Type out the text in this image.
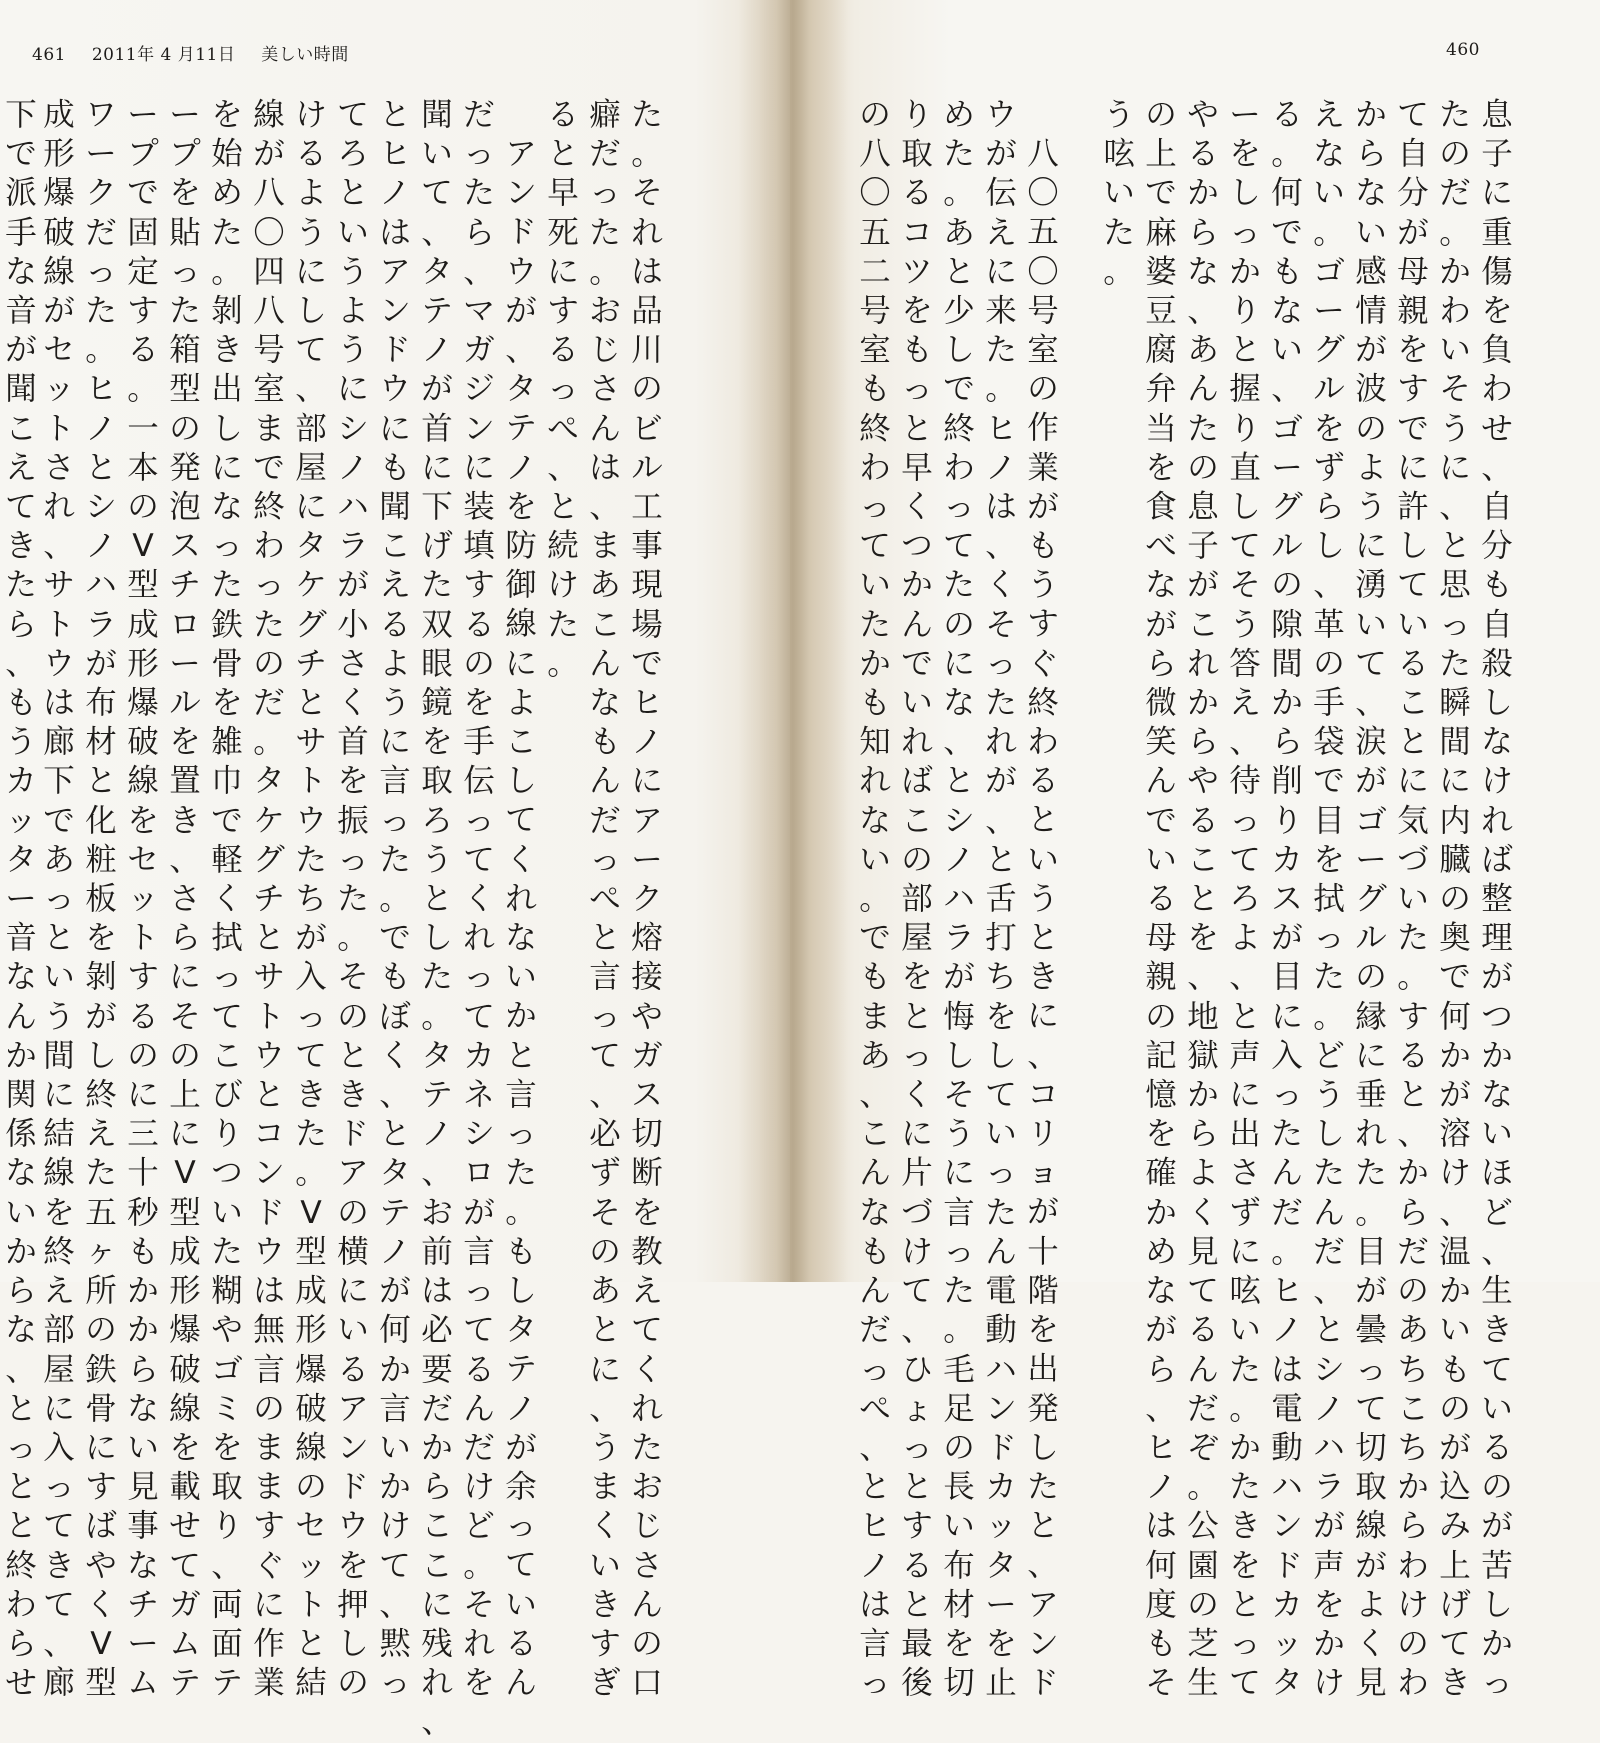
461 2011年 4 月11日 美しい時間
た。それは品川のビル工事現場でヒノにアーク熔接やガス切断を教えてくれたおじさんの口
癖だった。おじさんは、まあこんなもんだっぺと言って、必ずそのあとに、うまくいきすぎ
ると早死にするっぺ、と続けた。
アンドウが、タテノを防御線によこしてくれないかと言った。もしタテノが余っているん
だったら、マガジンに装填するのを手伝ってくれってカネシロが言ってるんだけど。それを
聞いて、タテノが首に下げた双眼鏡を取ろうとした。タテノ、お前は必要だからここに残れ、
とヒノはアンドウにも聞こえるように言った。でもぼく、とタテノが何か言いかけて、黙っ
てろというようにシノハラが小さく首を振った。そのときドアの横にいるアンドウを押しの
けるようにして、部屋にタケグチとサトウたちが入ってきた。V型成形爆破線のセットと結
線が八〇四八号室まで終わったのだ。タケグチとサトウとコンドウは無言のまますぐに作業
を始めた。剝き出しになった鉄骨を雑巾で軽く拭ってこびりついた糊やゴミを取り、両面テ
ープを貼った箱型の発泡スチロールを置き、さらにその上にV型成形爆破線を載せてガムテ
ープで固定する。一本のV型成形爆破線をセットするのに三十秒もかからない見事なチーム
ワークだった。ヒノとシノハラが布材と化粧板を剝がし終えた五ヶ所の鉄骨にすばやくV型
成形爆破線がセットされ、サトウは廊下であっという間に結線を終え部屋に入ってきて、廊
下で派手な音が聞こえてきたら、もうカッター音なんか関係ないからな、とっとと終わらせ
460
息子に重傷を負わせ、自分も自殺しなければ整理がつかないほど、生きているのが苦しかっ
たのだ。かわいそうに、と思った瞬間に内臓の奥で何かが溶け、温かいものが込み上げてき
て自分が母親をすでに許していることに気づいた。すると、からだのあちこちからわけのわ
からない感情が波のように湧いて、涙がゴーグルの縁に垂れた。目が曇って切取線がよく見
えない。ゴーグルをずらし、革の手袋で目を拭った。どうしたんだ、とシノハラが声をかけ
る。何でもない、ゴーグルの隙間から削りカスが目に入ったんだ。ヒノは電動ハンドカッタ
ーをしっかりと握り直してそう答え、待ってろよ、と声に出さずに呟いた。かたきをとって
やるからな、あんたの息子がこれからやることを、地獄からよく見てるんだぞ。公園の芝生
の上で麻婆豆腐弁当を食べながら微笑んでいる母親の記憶を確かめながら、ヒノは何度もそ
う呟いた。
八〇五〇号室の作業がもうすぐ終わるというときに、コリョが十階を出発したと、アンド
ウが伝えに来た。ヒノは、くそったれが、と舌打ちをしていったん電動ハンドカッターを止
めた。あと少しで終わってたのにな、とシノハラが悔しそうに言った。毛足の長い布材を切
り取るコツをもっと早くつかんでいればこの部屋をとっくに片づけて、ひょっとすると最後
の八〇五二号室も終わっていたかも知れない。でもまあ、こんなもんだっぺ、とヒノは言っ
